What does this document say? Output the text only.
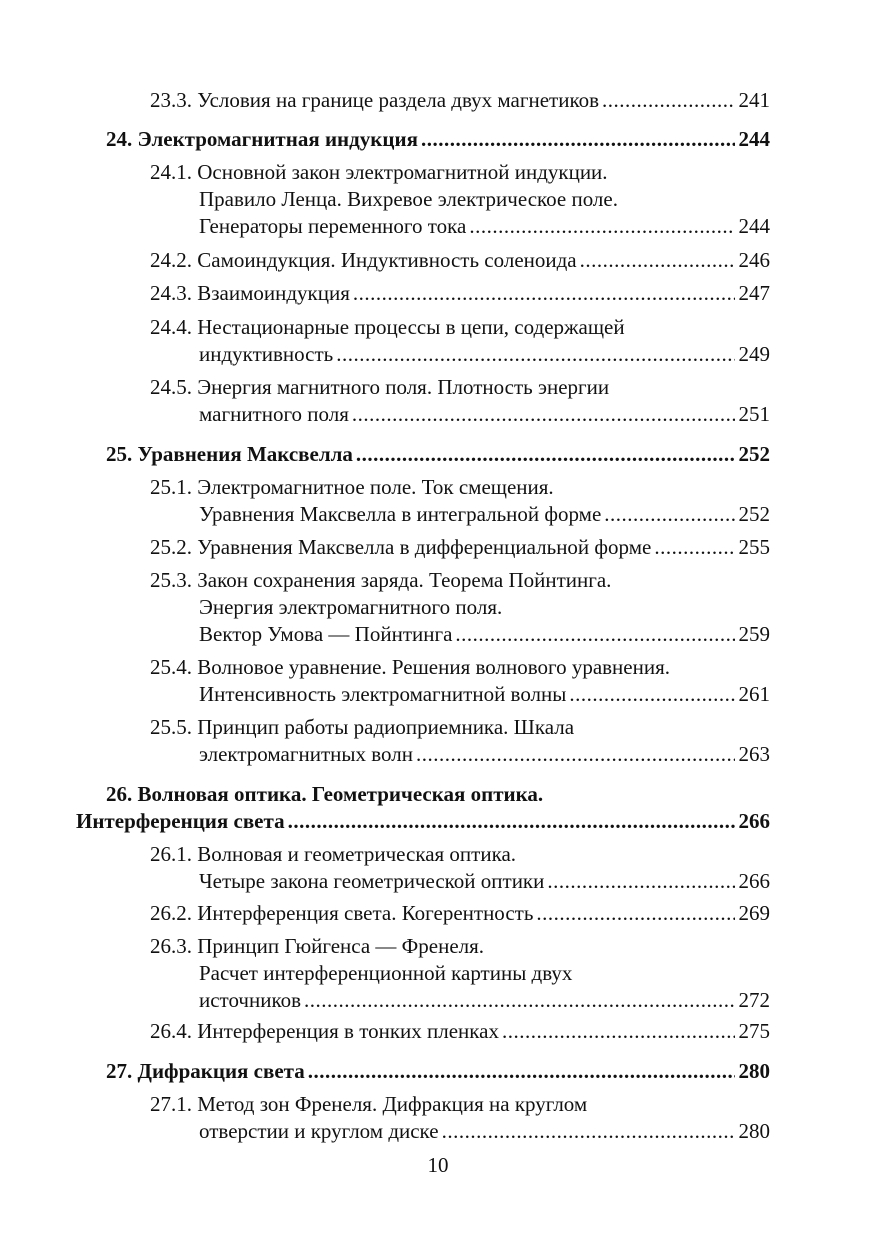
23.3. Условия на границе раздела двух магнетиков .....	241
24. Электромагнитная индукция .....	244
24.1. Основной закон электромагнитной индукции.
Правило Ленца. Вихревое электрическое поле.
Генераторы переменного тока .....	244
24.2. Самоиндукция. Индуктивность соленоида .....	246
24.3. Взаимоиндукция .....	247
24.4. Нестационарные процессы в цепи, содержащей
индуктивность .....	249
24.5. Энергия магнитного поля. Плотность энергии
магнитного поля .....	251
25. Уравнения Максвелла .....	252
25.1. Электромагнитное поле. Ток смещения.
Уравнения Максвелла в интегральной форме .....	252
25.2. Уравнения Максвелла в дифференциальной форме .....	255
25.3. Закон сохранения заряда. Теорема Пойнтинга.
Энергия электромагнитного поля.
Вектор Умова — Пойнтинга .....	259
25.4. Волновое уравнение. Решения волнового уравнения.
Интенсивность электромагнитной волны .....	261
25.5. Принцип работы радиоприемника. Шкала
электромагнитных волн .....	263
26. Волновая оптика. Геометрическая оптика.
Интерференция света .....	266
26.1. Волновая и геометрическая оптика.
Четыре закона геометрической оптики .....	266
26.2. Интерференция света. Когерентность .....	269
26.3. Принцип Гюйгенса — Френеля.
Расчет интерференционной картины двух
источников .....	272
26.4. Интерференция в тонких пленках .....	275
27. Дифракция света .....	280
27.1. Метод зон Френеля. Дифракция на круглом
отверстии и круглом диске .....	280
10
